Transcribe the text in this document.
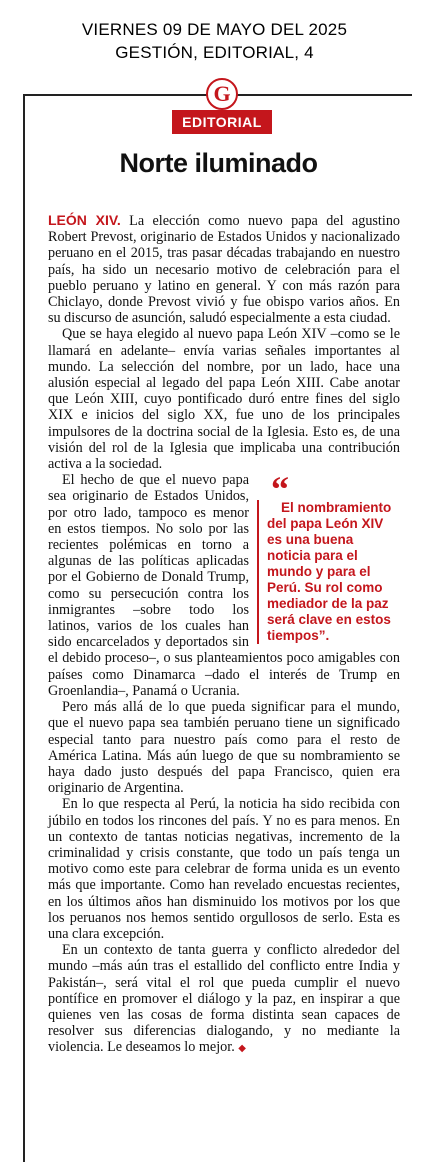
VIERNES 09 DE MAYO DEL 2025
GESTIÓN, EDITORIAL, 4
G
EDITORIAL
Norte iluminado

LEÓN XIV. La elección como nuevo papa del agustino Robert Prevost, originario de Estados Unidos y nacionalizado peruano en el 2015, tras pasar décadas trabajando en nuestro país, ha sido un necesario motivo de celebración para el pueblo peruano y latino en general. Y con más razón para Chiclayo, donde Prevost vivió y fue obispo varios años. En su discurso de asunción, saludó especialmente a esta ciudad.

Que se haya elegido al nuevo papa León XIV –como se le llamará en adelante– envía varias señales importantes al mundo. La selección del nombre, por un lado, hace una alusión especial al legado del papa León XIII. Cabe anotar que León XIII, cuyo pontificado duró entre fines del siglo XIX e inicios del siglo XX, fue uno de los principales impulsores de la doctrina social de la Iglesia. Esto es, de una visión del rol de la Iglesia que implicaba una contribución activa a la sociedad.

“
El nombramiento del papa León XIV es una buena noticia para el mundo y para el Perú. Su rol como mediador de la paz será clave en estos tiempos”.
El hecho de que el nuevo papa sea originario de Estados Unidos, por otro lado, tampoco es menor en estos tiempos. No solo por las recientes polémicas en torno a algunas de las políticas aplicadas por el Gobierno de Donald Trump, como su persecución contra los inmigrantes –sobre todo los latinos, varios de los cuales han sido encarcelados y deportados sin el debido proceso–, o sus planteamientos poco amigables con países como Dinamarca –dado el interés de Trump en Groenlandia–, Panamá o Ucrania.

Pero más allá de lo que pueda significar para el mundo, que el nuevo papa sea también peruano tiene un significado especial tanto para nuestro país como para el resto de América Latina. Más aún luego de que su nombramiento se haya dado justo después del papa Francisco, quien era originario de Argentina.

En lo que respecta al Perú, la noticia ha sido recibida con júbilo en todos los rincones del país. Y no es para menos. En un contexto de tantas noticias negativas, incremento de la criminalidad y crisis constante, que todo un país tenga un motivo como este para celebrar de forma unida es un evento más que importante. Como han revelado encuestas recientes, en los últimos años han disminuido los motivos por los que los peruanos nos hemos sentido orgullosos de serlo. Esta es una clara excepción.

En un contexto de tanta guerra y conflicto alrededor del mundo –más aún tras el estallido del conflicto entre India y Pakistán–, será vital el rol que pueda cumplir el nuevo pontífice en promover el diálogo y la paz, en inspirar a que quienes ven las cosas de forma distinta sean capaces de resolver sus diferencias dialogando, y no mediante la violencia. Le deseamos lo mejor. ◆
